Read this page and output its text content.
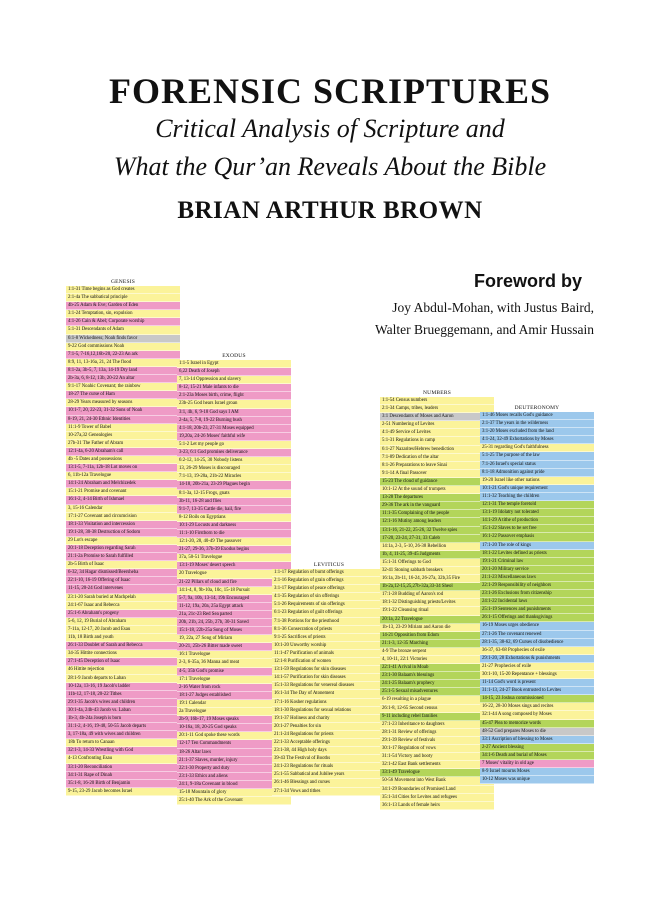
FORENSIC SCRIPTURES
Critical Analysis of Scripture and
What the Qur’an Reveals About the Bible
BRIAN ARTHUR BROWN
Foreword by
Joy Abdul-Mohan, with Justus Baird,
Walter Brueggemann, and Amir Hussain
GENESIS
1:1-31 Time begins as God creates
2:1-4a The sabbatical principle
4b-25 Adam & Eve; Garden of Eden
3:1-24 Temptation, sin, expulsion
4:1-26 Cain & Abel; Corporate worship
5:1-31 Descendants of Adam
6:1-8 Wickedness; Noah finds favor
9-22 God commissions Noah
7:1-5, 7-16,12,16b-20, 22-23 An ark
8:9, 11, 13-16a, 21, 24 The flood
8:1-2a, 3b-5, 7, 13a, 14-19 Dry land
2b-3a, 6, 8-12, 13b, 20-22 An altar
9:1-17 Noahic Covenant; the rainbow
18-27 The curse of Ham
28-29 Years measured by seasons
10:1-7, 20, 22-23, 31-32 Sons of Noah
8-19, 21, 24-30 Ethnic Identities
11:1-9 Tower of Babel
10-27a,32 Genealogies
27b-31 The Father of Abram
12:1-4a, 6-20 Abraham's call
4b -5 Dates and possessions
13:1-5, 7-11a, 12b-18 Lot moves on
6, 11b-12a Travelogue
14:1-24 Abraham and Melchizedek
15:1-21 Promise and covenant
16:1-2, 4-14 Birth of Ishmael
3, 15-16 Calendar
17:1-27 Covenant and circumcision
18:1-33 Visitation and intercession
19:1-28, 30-38 Destruction of Sodom
29 Lot's escape
20:1-18 Deception regarding Sarah
21:1-2a Promise to Sarah fulfilled
2b-5 Birth of Isaac
6-32, 34 Hagar dismissed/Beersheba
22:1-10, 16-19 Offering of Isaac
11-15, 20-24 God intervenes
23:1-20 Sarah buried at Machpelah
24:1-67 Isaac and Rebecca
25:1-6 Abraham's progeny
5-6, 12, 19 Burial of Abraham
7-11a, 12-17, 20 Jacob and Esau
11b, 18 Birth and youth
26:1-33 Doublet of Sarah and Rebecca
34-35 Hittite connections
27:1-45 Deception of Isaac
46 Hittite rejection
28:1-9 Jacob departs to Laban
10-12a, 13-16, 19 Jacob's ladder
11b-12, 17-18, 20-22 Tithes
29:1-35 Jacob's wives and children
30:1-4a, 24b-43 Jacob vs. Laban
1b-3, 4b-24a Joseph is born
31:1-2, 4-16, 19-48, 50-55 Jacob departs
3, 17-18a, 49 with wives and children
18b To return to Canaan
32:1-3, 14-33 Wrestling with God
4-13 Confronting Esau
33:1-20 Reconciliation
34:1-31 Rape of Dinah
35:1-8, 16-20 Birth of Benjamin
9-15, 23-29 Jacob becomes Israel
EXODUS
1:1-5 Israel in Egypt
6,22 Death of Joseph
7, 13-14 Oppression and slavery
8-12, 15-21 Male infants to die
2:1-23a Moses birth, crime, flight
23b-25 God hears Israel groan
3:1, 4b, 6, 9-18 God says I AM
2-4a, 5, 7-8, 19-22 Burning bush
4:1-18, 20b-23, 27-31 Moses equipped
19,20a, 24-26 Moses' faithful wife
5:1-2 Let my people go
3-23, 6:1 God promises deliverance
6:2-12, 14-25, 30 Nobody listens
13, 26-29 Moses is discouraged
7:1-13, 19-20a, 21b-22 Miracles
14-18, 20b-21a, 23-29 Plagues begin
8:1-3a, 12-15 Frogs, gnats
3b-11, 16-28 and flies
9:1-7, 13-35 Cattle die, hail, fire
8-12 Boils on Egyptians
10:1-29 Locusts and darkness
11:1-10 Firstborn to die
12:1-20, 28, 40-49 The passover
21-27, 29-36, 37b-39 Exodus begins
37a, 50-51 Travelogue
13:1-19 Moses' desert speech
20 Travelogue
21-22 Pillars of cloud and fire
14:1-4, 8, 9b-10a, 10c, 15-18 Pursuit
5-7, 9a, 10b, 13-14, 19b Encouraged
11-12, 19a, 20a, 25a Egypt attack
21a, 21c-23 Red Sea parted
20b, 21b, 24, 25b, 27b, 30-31 Saved
15:1-18, 22b-25a Song of Moses
19, 22a, 27 Song of Miriam
20-21, 25b-26 Bitter made sweet
16:1 Travelogue
2-3, 6-35a, 36 Manna and meat
4-5, 35b God's promise
17:1 Travelogue
2-16 Water from rock
18:1-27 Judges established
19:1 Calendar
2a Travelogue
2b-9, 16b-17, 19 Moses speaks
10-16a, 18, 20-25 God speaks
20:1-11 God spoke these words
12-17 Ten Commandments
18-26 Altar laws
21:1-37 Slaves, murder, injury
22:1-30 Property and duty
23:1-33 Ethics and aliens
24:1, 9-18a Covenant in blood
15-18 Mountain of glory
25:1-40 The Ark of the Covenant
LEVITICUS
1:1-17 Regulation of burnt offerings
2:1-16 Regulation of grain offerings
3:1-17 Regulation of peace offerings
4:1-35 Regulation of sin offerings
5:1-26 Requirements of sin offerings
6:1-23 Regulation of guilt offerings
7:1-38 Portions for the priesthood
8:1-36 Consecration of priests
9:1-25 Sacrifices of priests
10:1-20 Unworthy worship
11:1-47 Purification of animals
12:1-8 Purification of women
13:1-59 Regulations for skin diseases
14:1-57 Purification for skin diseases
15:1-33 Regulations for venereal diseases
16:1-34 The Day of Atonement
17:1-16 Kosher regulations
18:1-30 Regulations for sexual relations
19:1-37 Holiness and charity
20:1-27 Penalties for sin
21:1-24 Regulations for priests
22:1-33 Acceptable offerings
23:1-38, 44 High holy days
39-43 The Festival of Booths
24:1-23 Regulations for rituals
25:1-55 Sabbatical and Jubilee years
26:1-46 Blessings and curses
27:1-34 Vows and tithes
NUMBERS
1:1-54 Census numbers
2:1-34 Camps, tribes, leaders
3:1 Descendants of Moses and Aaron
2-51 Numbering of Levites
4:1-49 Service of Levites
5:1-31 Regulations in camp
6:1-27 Nazarites/Hebrew benediction
7:1-89 Dedication of the altar
8:1-26 Preparations to leave Sinai
9:1-14 A final Passover
15-23 The cloud of guidance
10:1-12 At the sound of trumpets
13-28 The departures
29-36 The ark in the vanguard
11:1-35 Complaining of the people
12:1-16 Mutiny among leaders
13:1-16, 21-22, 25-26, 32 Twelve spies
17-20, 23-24, 27-31, 33 Caleb
14:1a, 2-3, 5-10, 26-38 Rebellion
1b, 4, 11-25, 39-45 Judgments
15:1-31 Offerings to God
32-41 Stoning sabbath breakers
16:1a, 2b-11, 16-24, 26-27a, 32b,35 Fire
1b-2a,12-15,25,27b-32a,33-34 Sheol
17:1-28 Budding of Aaron's rod
18:1-32 Distinguishing priests/Levites
19:1-22 Cleansing ritual
20:1a, 22 Travelogue
1b-13, 23-29 Miriam and Aaron die
14-21 Opposition from Edom
21:1-3, 12-35 Marching
4-9 The bronze serpent
4, 10-11, 22:1 Victories
22:1-41 A rival in Moab
23:1-30 Balaam's blessings
24:1-25 Balaam's prophecy
25:1-5 Sexual misadventures
6-19 resulting in a plague
26:1-8, 12-65 Second census
9-11 including rebel families
27:1-23 Inheritance to daughters
28:1-31 Review of offerings
29:1-39 Review of festivals
30:1-17 Regulation of vows
31:1-54 Victory and booty
32:1-42 East Bank settlements
33:1-49 Travelogue
50-56 Movement into West Bank
34:1-29 Boundaries of Promised Land
35:1-34 Cities for Levites and refugees
36:1-13 Lands of female heirs
DEUTERONOMY
1:1-46 Moses recalls God's guidance
2:1-37 The years in the wilderness
3:1-20 Moses excluded from the land
4:1-24, 32-49 Exhortations by Moses
25-31 regarding God's faithfulness
5:1-25 The purpose of the law
7:1-26 Israel's special status
8:1-18 Admonition against pride
19-20 Israel like other nations
10:1-21 God's unique requirement
11:1-32 Teaching the children
12:1-31 The temple foretold
13:1-19 Idolatry not tolerated
14:1-29 A tithe of production
15:1-22 Slaves to be set free
16:1-22 Passover emphasis
17:1-20 The role of kings
18:1-22 Levites defined as priests
19:1-21 Criminal law
20:1-20 Military service
21:1-23 Miscellaneous laws
22:1-29 Responsibility of neighbors
23:1-26 Exclusions from citizenship
24:1-22 Incidental laws
25:1-19 Sentences and punishments
26:1-15 Offerings and thanksgivings
16-19 Moses urges obedience
27:1-26 The covenant renewed
28:1-35, 38-62, 69 Curses of disobedience
36-37, 63-68 Prophecies of exile
29:1-20, 28 Exhortations & punishments
21-27 Prophecies of exile
30:1-10, 15-20 Repentance + blessings
11-14 God's word is present
31:1-13, 24-27 Book entrusted to Levites
14-15, 23 Joshua commissioned
16-22, 28-30 Moses sings and recites
32:1-44 A song composed by Moses
45-47 Plea to memorize words
48-52 God prepares Moses to die
33:1 Ascription of blessing to Moses
2-27 Ancient blessing
34:1-6 Death and burial of Moses
7 Moses' vitality in old age
8-9 Israel mourns Moses
10-12 Moses was unique
